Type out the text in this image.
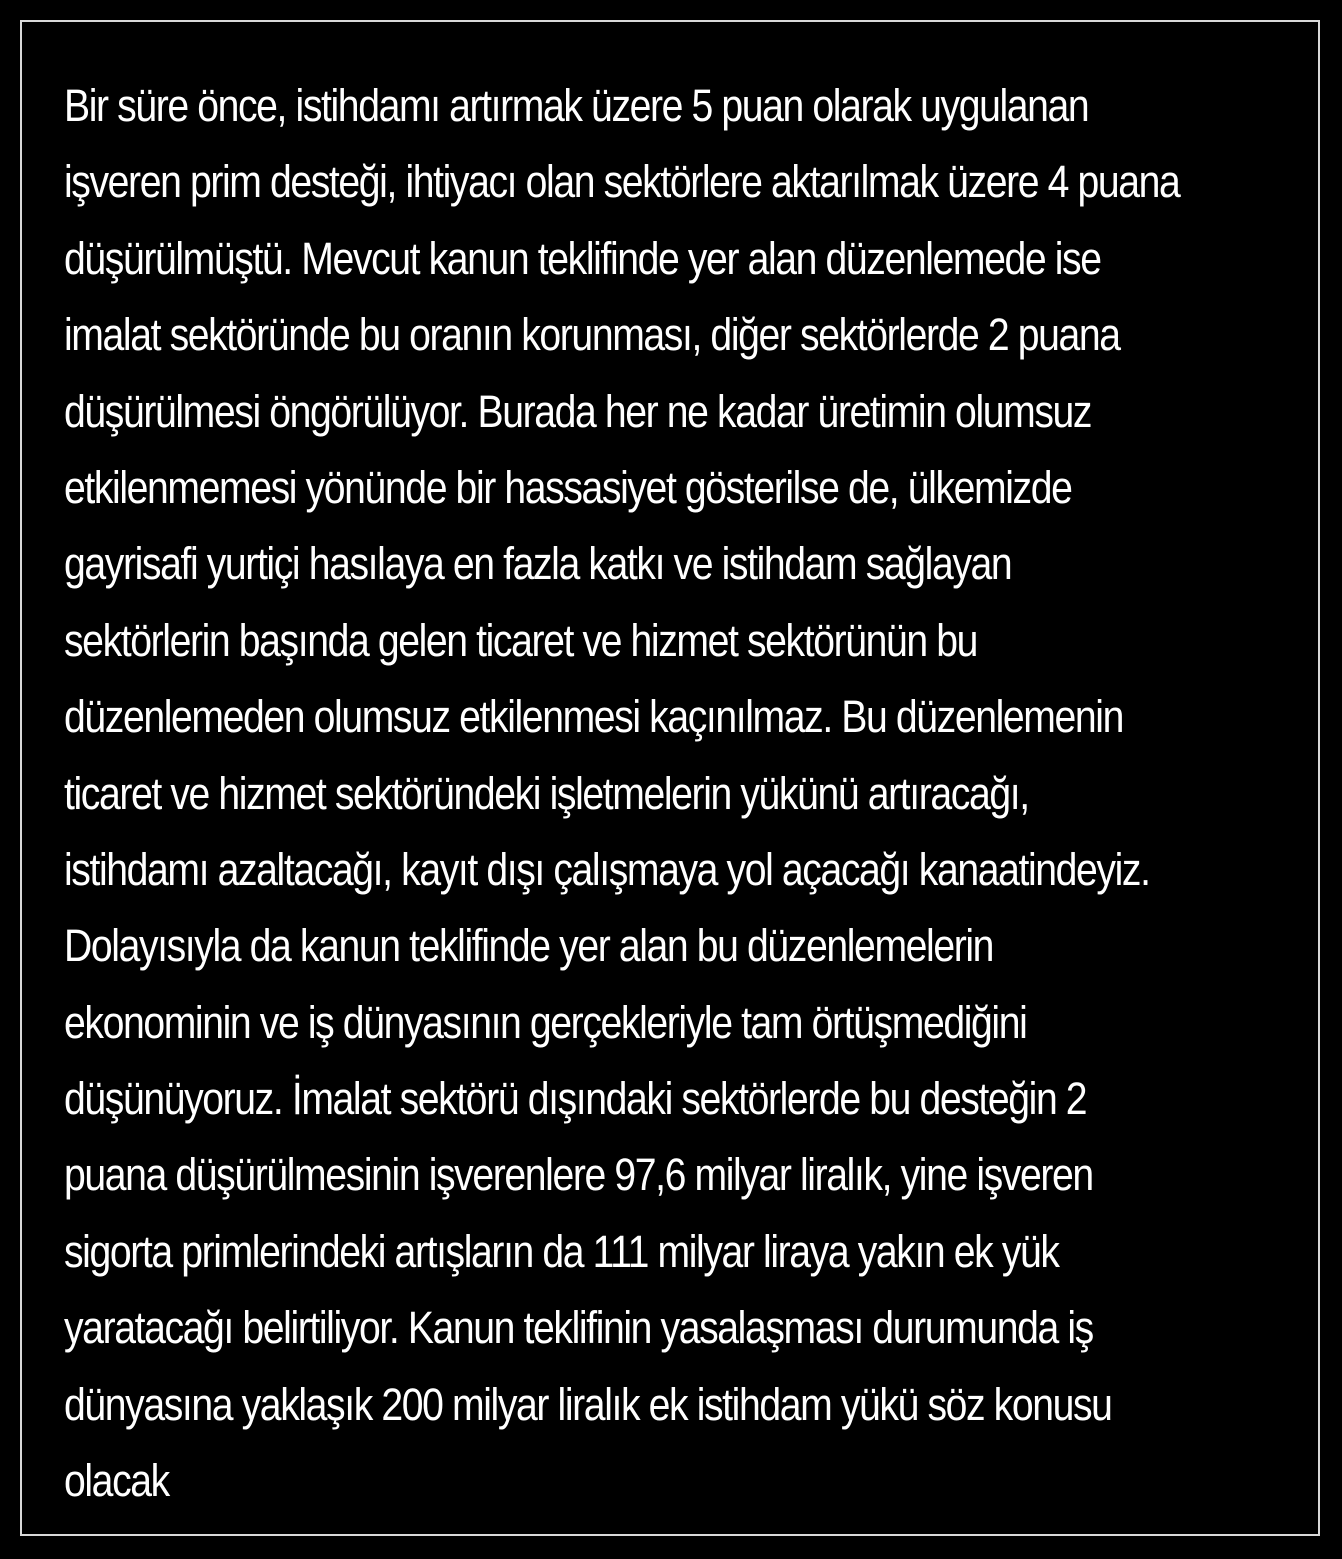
Bir süre önce, istihdamı artırmak üzere 5 puan olarak uygulanan
işveren prim desteği, ihtiyacı olan sektörlere aktarılmak üzere 4 puana
düşürülmüştü. Mevcut kanun teklifinde yer alan düzenlemede ise
imalat sektöründe bu oranın korunması, diğer sektörlerde 2 puana
düşürülmesi öngörülüyor. Burada her ne kadar üretimin olumsuz
etkilenmemesi yönünde bir hassasiyet gösterilse de, ülkemizde
gayrisafi yurtiçi hasılaya en fazla katkı ve istihdam sağlayan
sektörlerin başında gelen ticaret ve hizmet sektörünün bu
düzenlemeden olumsuz etkilenmesi kaçınılmaz. Bu düzenlemenin
ticaret ve hizmet sektöründeki işletmelerin yükünü artıracağı,
istihdamı azaltacağı, kayıt dışı çalışmaya yol açacağı kanaatindeyiz.
Dolayısıyla da kanun teklifinde yer alan bu düzenlemelerin
ekonominin ve iş dünyasının gerçekleriyle tam örtüşmediğini
düşünüyoruz. İmalat sektörü dışındaki sektörlerde bu desteğin 2
puana düşürülmesinin işverenlere 97,6 milyar liralık, yine işveren
sigorta primlerindeki artışların da 111 milyar liraya yakın ek yük
yaratacağı belirtiliyor. Kanun teklifinin yasalaşması durumunda iş
dünyasına yaklaşık 200 milyar liralık ek istihdam yükü söz konusu
olacak
